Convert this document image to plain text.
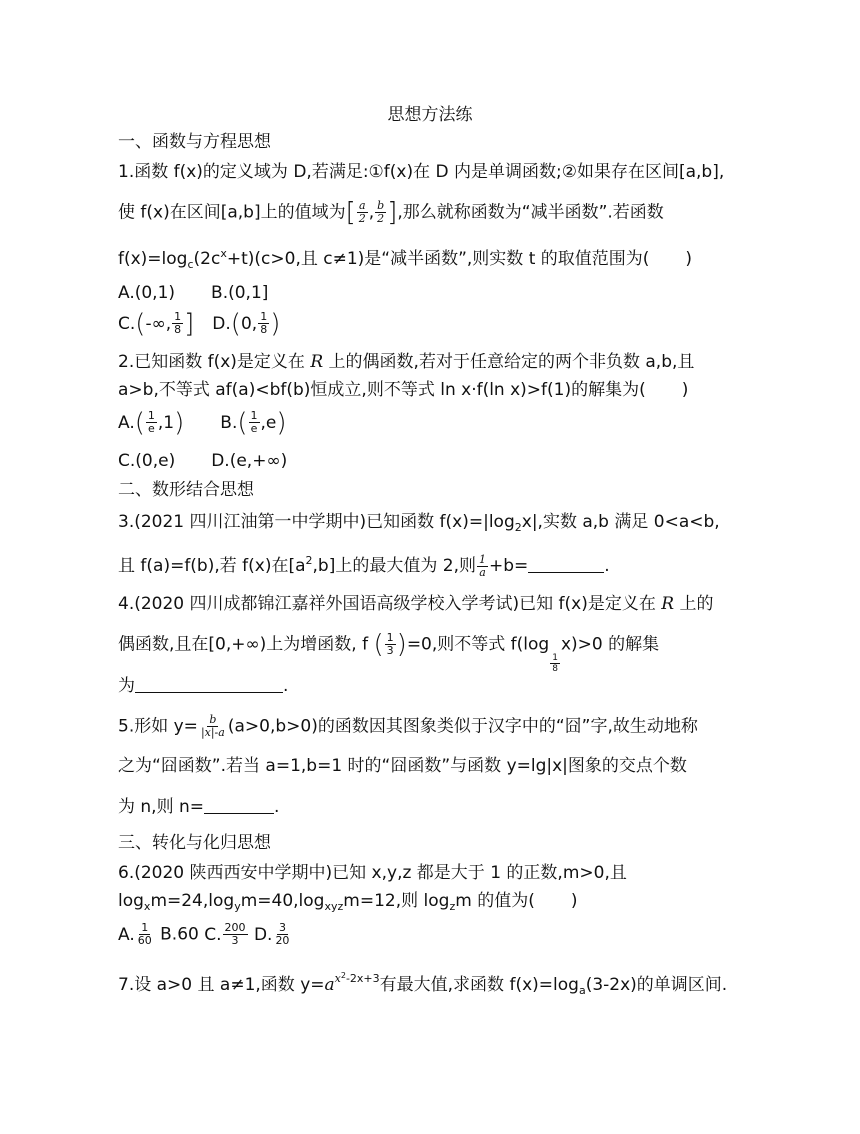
思想方法练
一、函数与方程思想
1.函数 f(x)的定义域为 D,若满足:①f(x)在 D 内是单调函数;②如果存在区间[a,b],
使 f(x)在区间[a,b]上的值域为[ $\frac{a}{2}$ , $\frac{b}{2}$ ],那么就称函数为“减半函数”.若函数
$f(x)=\log_c(2c^x+t)(c>0$,且 c≠1)是“减半函数”,则实数 t 的取值范围为( )
A.(0,1) B.(0,1]
C.(-∞, $\frac{1}{8}$ ] D.(0, $\frac{1}{8}$ )
2.已知函数 f(x)是定义在 R 上的偶函数,若对于任意给定的两个非负数 a,b,且
a>b,不等式 af(a)<bf(b)恒成立,则不等式 ln x·f(ln x)>f(1)的解集为( )
$A.( \frac{1}{e} ,1)$ $B.( \frac{1}{e} ,e)$
C.(0,e) D.(e,+∞)
二、数形结合思想
3.(2021 四川江油第一中学期中)已知函数 $f(x)=|\log_2x|$,实数 a,b 满足 0<a<b,
且 f(a)=f(b),若 f(x)在$[a^2,b]$上的最大值为 2,则 $\frac{1}{a} +b=$	.
4.(2020 四川成都锦江嘉祥外国语高级学校入学考试)已知 f(x)是定义在 R 上的
偶函数,且在[0,+∞)上为增函数, f ( $\frac{1}{3} )=0$,则不等式 f(log
$\frac{1}{8}$
x)>0 的解集
为	.
5.形如 $y= \frac{b}{|x|-a} (a>0,b>0)$的函数因其图象类似于汉字中的“囧”字,故生动地称
之为“囧函数”.若当 a=1,b=1 时的“囧函数”与函数 y=lg|x|图象的交点个数
为 n,则 n=	.
三、转化与化归思想
6.(2020 陕西西安中学期中)已知 x,y,z 都是大于 1 的正数,m>0,且
$\log_xm=24,\log_ym=40,\log_{xyz}m=12$,则 $\log_zm$ 的值为( )
A. $\frac{1}{60} B.60$ C. $\frac{200}{3} D$. $\frac{3}{20}$
7.设 a>0 且 a≠1,函数 $y=a^{x^2-2x+3}$有最大值,求函数 $f(x)=\log_a(3-2x)$的单调区间.
